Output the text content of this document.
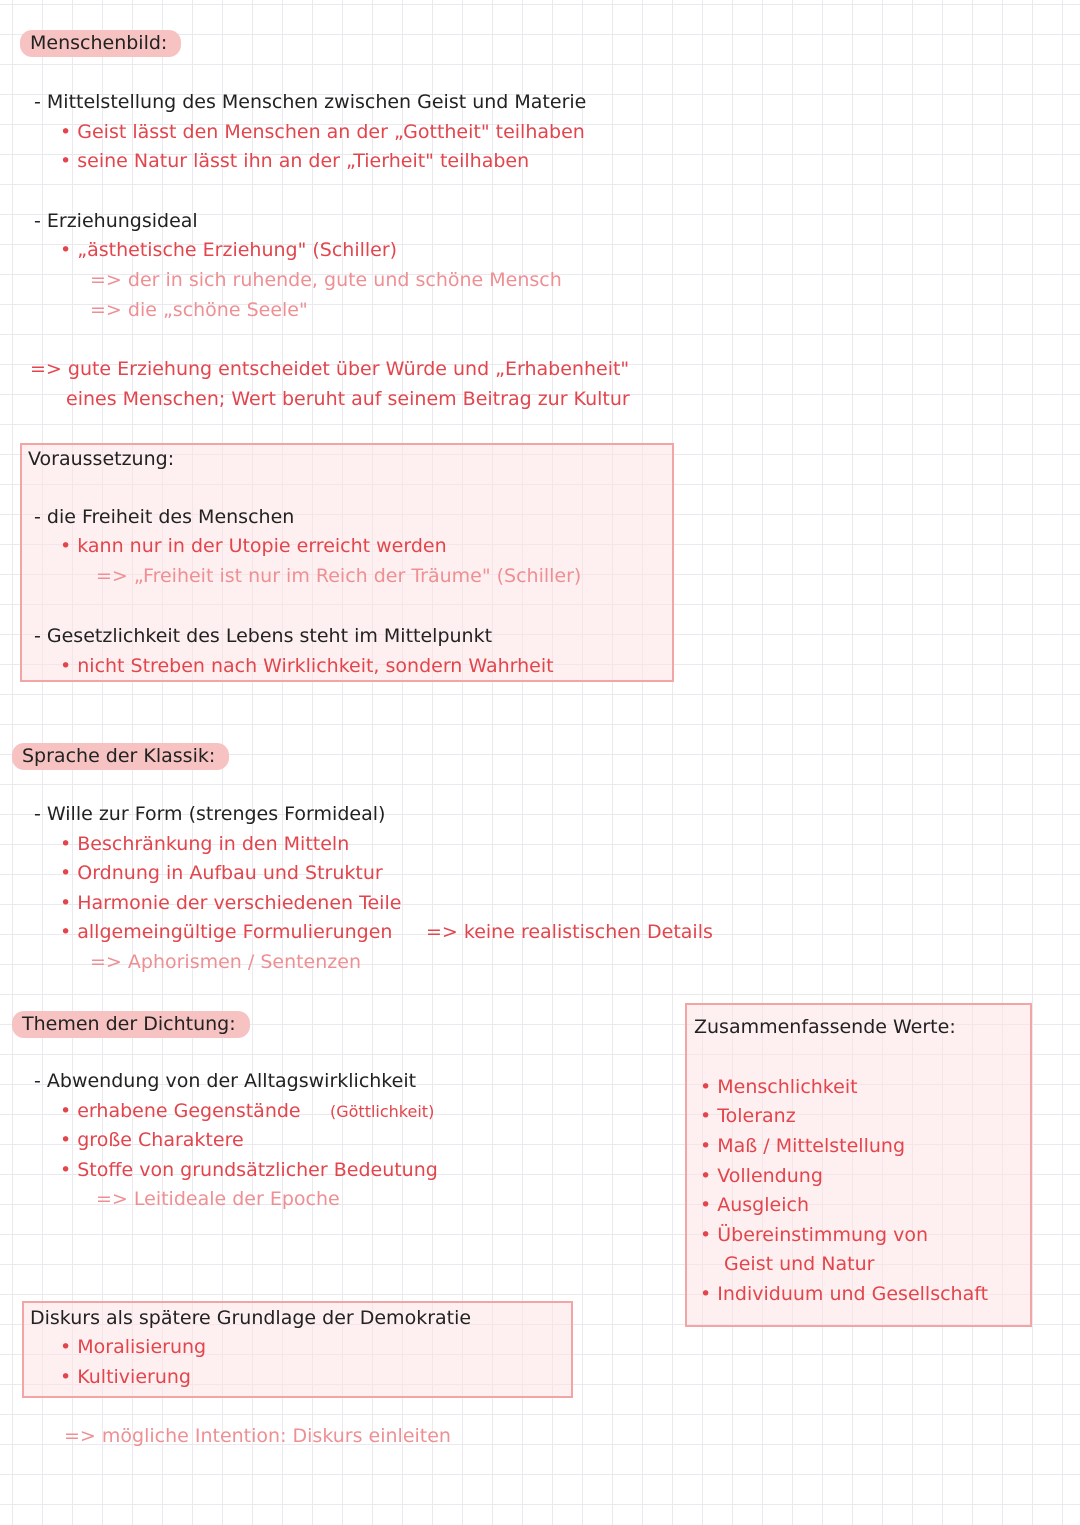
Menschenbild:
- Mittelstellung des Menschen zwischen Geist und Materie
• Geist lässt den Menschen an der „Gottheit" teilhaben
• seine Natur lässt ihn an der „Tierheit" teilhaben
- Erziehungsideal
• „ästhetische Erziehung" (Schiller)
=> der in sich ruhende, gute und schöne Mensch
=> die „schöne Seele"
=> gute Erziehung entscheidet über Würde und „Erhabenheit"
eines Menschen; Wert beruht auf seinem Beitrag zur Kultur
Voraussetzung:
- die Freiheit des Menschen
• kann nur in der Utopie erreicht werden
=> „Freiheit ist nur im Reich der Träume" (Schiller)
- Gesetzlichkeit des Lebens steht im Mittelpunkt
• nicht Streben nach Wirklichkeit, sondern Wahrheit
Sprache der Klassik:
- Wille zur Form (strenges Formideal)
• Beschränkung in den Mitteln
• Ordnung in Aufbau und Struktur
• Harmonie der verschiedenen Teile
• allgemeingültige Formulierungen => keine realistischen Details
=> Aphorismen / Sentenzen
Themen der Dichtung:
- Abwendung von der Alltagswirklichkeit
• erhabene Gegenstände (Göttlichkeit)
• große Charaktere
• Stoffe von grundsätzlicher Bedeutung
=> Leitideale der Epoche
Zusammenfassende Werte:
• Menschlichkeit
• Toleranz
• Maß / Mittelstellung
• Vollendung
• Ausgleich
• Übereinstimmung von
Geist und Natur
• Individuum und Gesellschaft
Diskurs als spätere Grundlage der Demokratie
• Moralisierung
• Kultivierung
=> mögliche Intention: Diskurs einleiten
